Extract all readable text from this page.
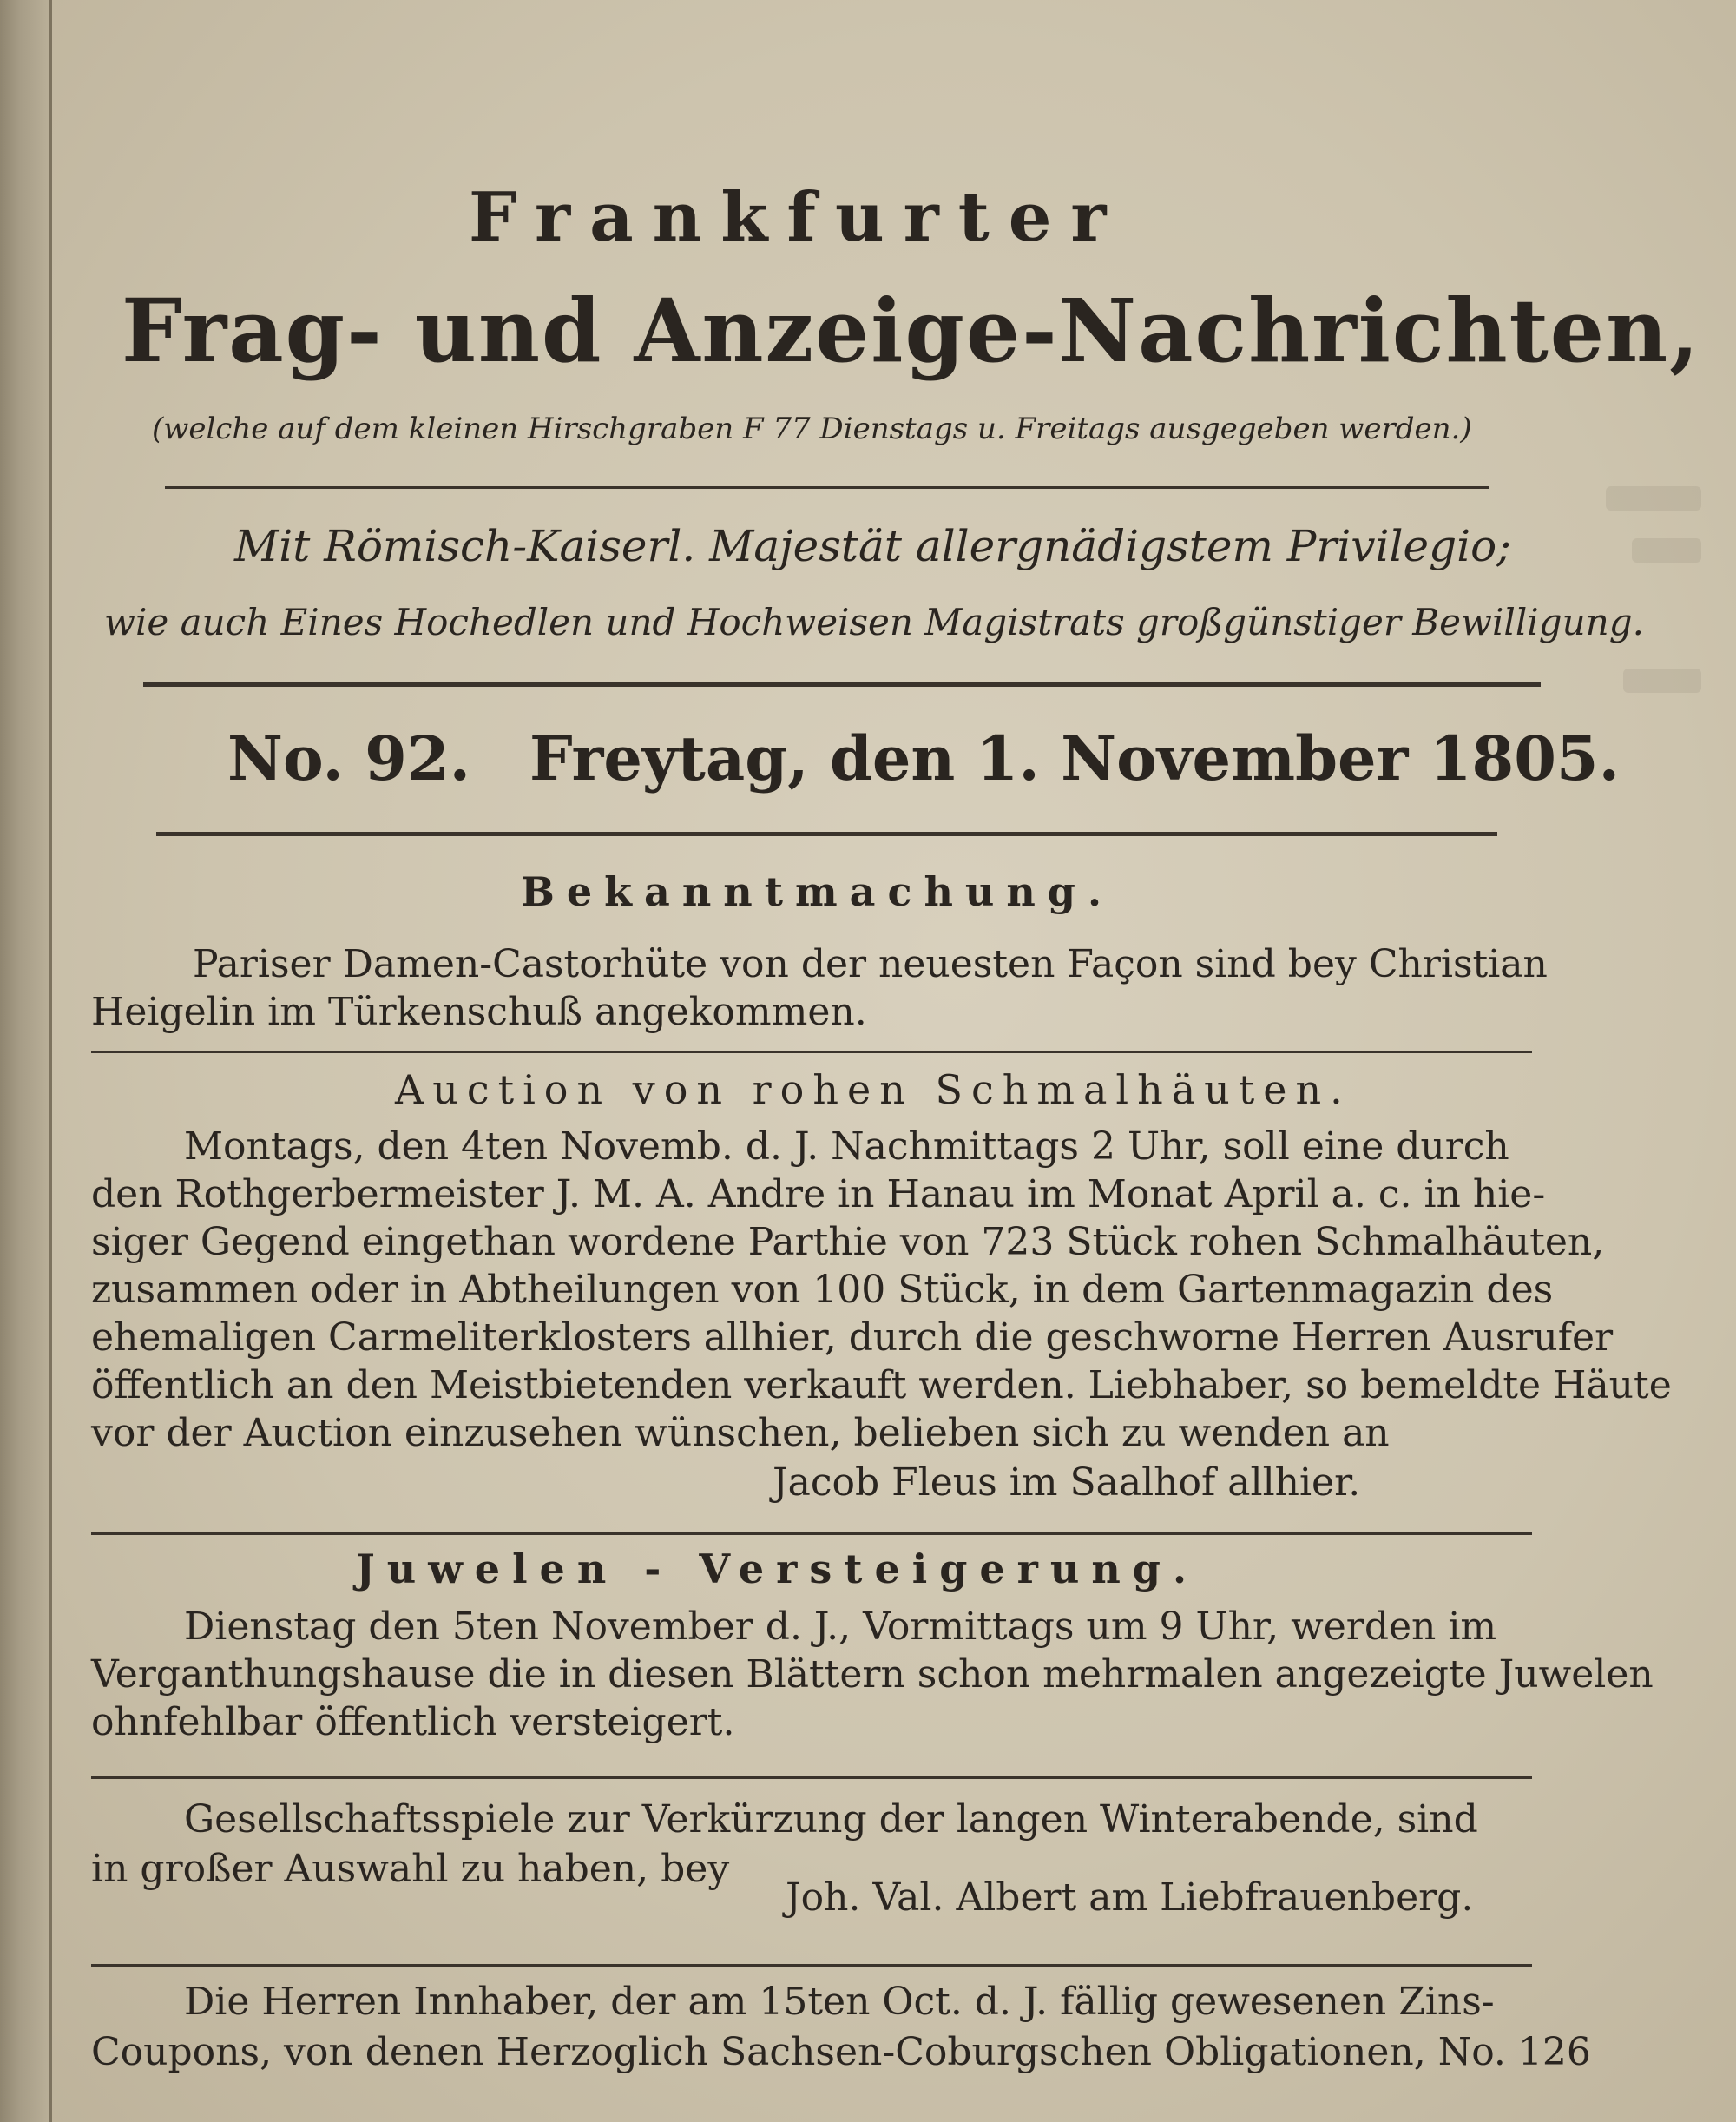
Frankfurter
Frag- und Anzeige-Nachrichten,
(welche auf dem kleinen Hirschgraben F 77 Dienstags u. Freitags ausgegeben werden.)
Mit Römisch-Kaiserl. Majestät allergnädigstem Privilegio;
wie auch Eines Hochedlen und Hochweisen Magistrats großgünstiger Bewilligung.
No. 92. Freytag, den 1. November 1805.
Bekanntmachung.
Pariser Damen-Castorhüte von der neuesten Façon sind bey Christian
Heigelin im Türkenschuß angekommen.
Auction von rohen Schmalhäuten.
Montags, den 4ten Novemb. d. J. Nachmittags 2 Uhr, soll eine durch
den Rothgerbermeister J. M. A. Andre in Hanau im Monat April a. c. in hie-
siger Gegend eingethan wordene Parthie von 723 Stück rohen Schmalhäuten,
zusammen oder in Abtheilungen von 100 Stück, in dem Gartenmagazin des
ehemaligen Carmeliterklosters allhier, durch die geschworne Herren Ausrufer
öffentlich an den Meistbietenden verkauft werden. Liebhaber, so bemeldte Häute
vor der Auction einzusehen wünschen, belieben sich zu wenden an
Jacob Fleus im Saalhof allhier.
Juwelen - Versteigerung.
Dienstag den 5ten November d. J., Vormittags um 9 Uhr, werden im
Verganthungshause die in diesen Blättern schon mehrmalen angezeigte Juwelen
ohnfehlbar öffentlich versteigert.
Gesellschaftsspiele zur Verkürzung der langen Winterabende, sind
in großer Auswahl zu haben, bey
Joh. Val. Albert am Liebfrauenberg.
Die Herren Innhaber, der am 15ten Oct. d. J. fällig gewesenen Zins-
Coupons, von denen Herzoglich Sachsen-Coburgschen Obligationen, No. 126
